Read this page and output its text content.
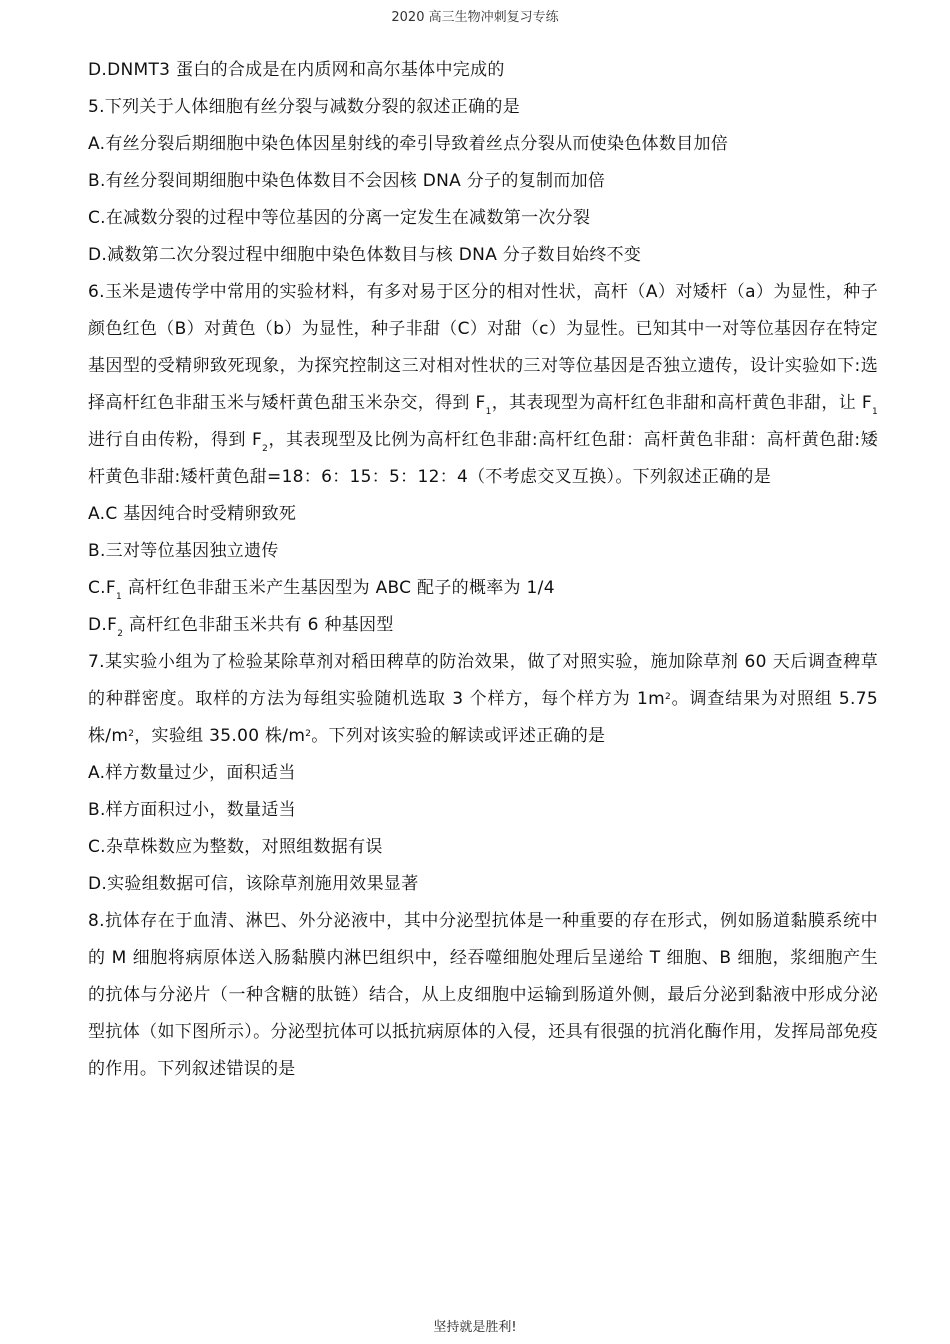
2020 高三生物冲刺复习专练
D.DNMT3 蛋白的合成是在内质网和高尔基体中完成的
5.下列关于人体细胞有丝分裂与减数分裂的叙述正确的是
A.有丝分裂后期细胞中染色体因星射线的牵引导致着丝点分裂从而使染色体数目加倍
B.有丝分裂间期细胞中染色体数目不会因核 DNA 分子的复制而加倍
C.在减数分裂的过程中等位基因的分离一定发生在减数第一次分裂
D.减数第二次分裂过程中细胞中染色体数目与核 DNA 分子数目始终不变
6.玉米是遗传学中常用的实验材料，有多对易于区分的相对性状，高杆（A）对矮杆（a）为显性，种子颜色红色（B）对黄色（b）为显性，种子非甜（C）对甜（c）为显性。已知其中一对等位基因存在特定基因型的受精卵致死现象，为探究控制这三对相对性状的三对等位基因是否独立遗传，设计实验如下:选择高杆红色非甜玉米与矮杆黄色甜玉米杂交，得到 $F_1$，其表现型为高杆红色非甜和高杆黄色非甜，让 $F_1$ 进行自由传粉，得到 $F_2$，其表现型及比例为高杆红色非甜:高杆红色甜：高杆黄色非甜：高杆黄色甜:矮杆黄色非甜:矮杆黄色甜=18：6：15：5：12：4（不考虑交叉互换）。下列叙述正确的是
A.C 基因纯合时受精卵致死
B.三对等位基因独立遗传
$C.F_1$ 高杆红色非甜玉米产生基因型为 ABC 配子的概率为 1/4
$D.F_2$ 高杆红色非甜玉米共有 6 种基因型
7.某实验小组为了检验某除草剂对稻田稗草的防治效果，做了对照实验，施加除草剂 60 天后调查稗草的种群密度。取样的方法为每组实验随机选取 3 个样方，每个样方为 $1m^2$。调查结果为对照组 5.75 株$/m^2$，实验组 35.00 株$/m^2$。下列对该实验的解读或评述正确的是
A.样方数量过少，面积适当
B.样方面积过小，数量适当
C.杂草株数应为整数，对照组数据有误
D.实验组数据可信，该除草剂施用效果显著
8.抗体存在于血清、淋巴、外分泌液中，其中分泌型抗体是一种重要的存在形式，例如肠道黏膜系统中的 M 细胞将病原体送入肠黏膜内淋巴组织中，经吞噬细胞处理后呈递给 T 细胞、B 细胞，浆细胞产生的抗体与分泌片（一种含糖的肽链）结合，从上皮细胞中运输到肠道外侧，最后分泌到黏液中形成分泌型抗体（如下图所示）。分泌型抗体可以抵抗病原体的入侵，还具有很强的抗消化酶作用，发挥局部免疫的作用。下列叙述错误的是
坚持就是胜利!
